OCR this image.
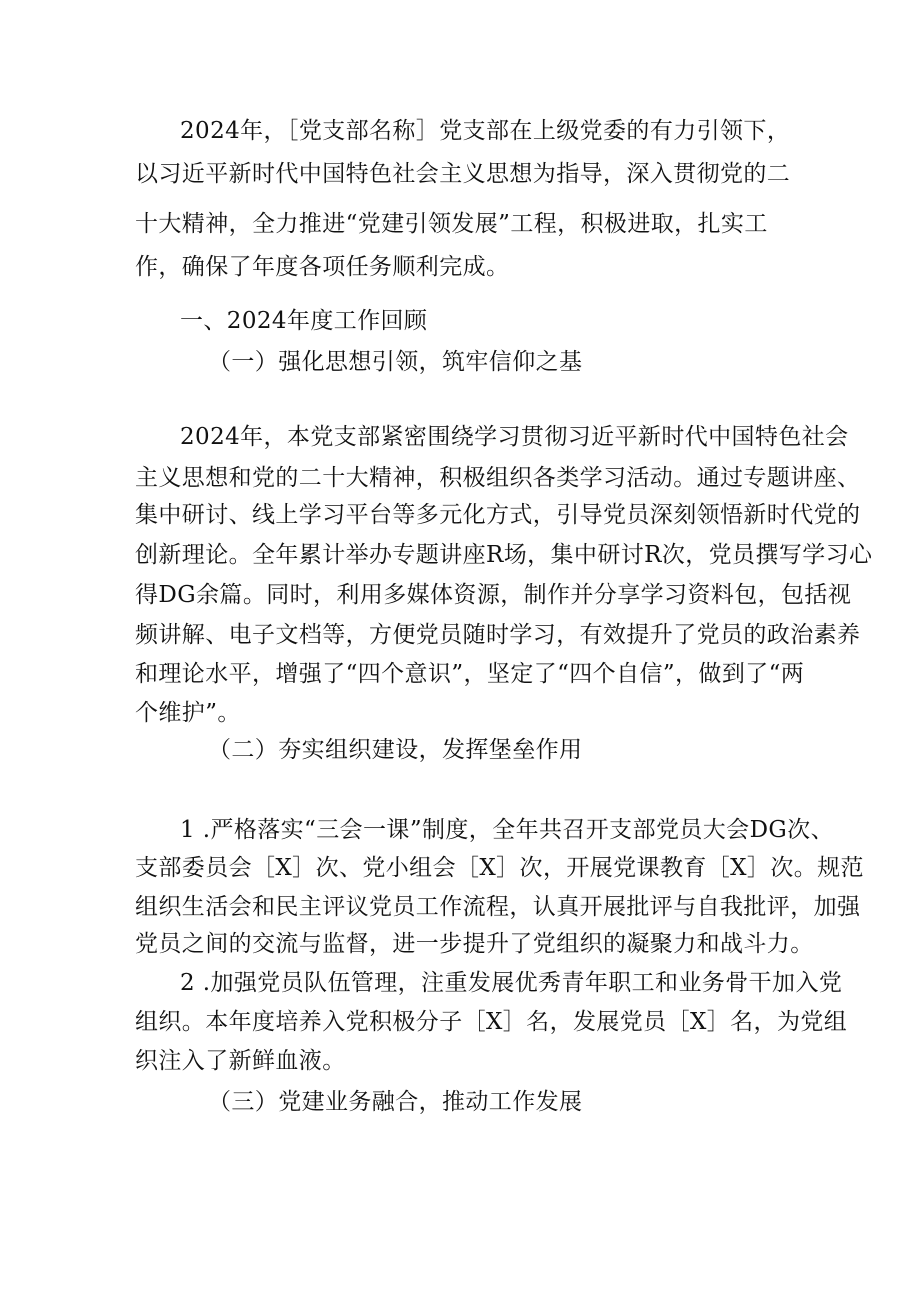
2024年，［党支部名称］党支部在上级党委的有力引领下，
以习近平新时代中国特色社会主义思想为指导，深入贯彻党的二
十大精神，全力推进“党建引领发展”工程，积极进取，扎实工
作，确保了年度各项任务顺利完成。
一、2024年度工作回顾
（一）强化思想引领，筑牢信仰之基
2024年，本党支部紧密围绕学习贯彻习近平新时代中国特色社会
主义思想和党的二十大精神，积极组织各类学习活动。通过专题讲座、
集中研讨、线上学习平台等多元化方式，引导党员深刻领悟新时代党的
创新理论。全年累计举办专题讲座R场，集中研讨R次，党员撰写学习心
得DG余篇。同时，利用多媒体资源，制作并分享学习资料包，包括视
频讲解、电子文档等，方便党员随时学习，有效提升了党员的政治素养
和理论水平，增强了“四个意识”，坚定了“四个自信”，做到了“两
个维护”。
（二）夯实组织建设，发挥堡垒作用
1 .严格落实“三会一课”制度，全年共召开支部党员大会DG次、
支部委员会［X］次、党小组会［X］次，开展党课教育［X］次。规范
组织生活会和民主评议党员工作流程，认真开展批评与自我批评，加强
党员之间的交流与监督，进一步提升了党组织的凝聚力和战斗力。
2 .加强党员队伍管理，注重发展优秀青年职工和业务骨干加入党
组织。本年度培养入党积极分子［X］名，发展党员［X］名，为党组
织注入了新鲜血液。
（三）党建业务融合，推动工作发展
